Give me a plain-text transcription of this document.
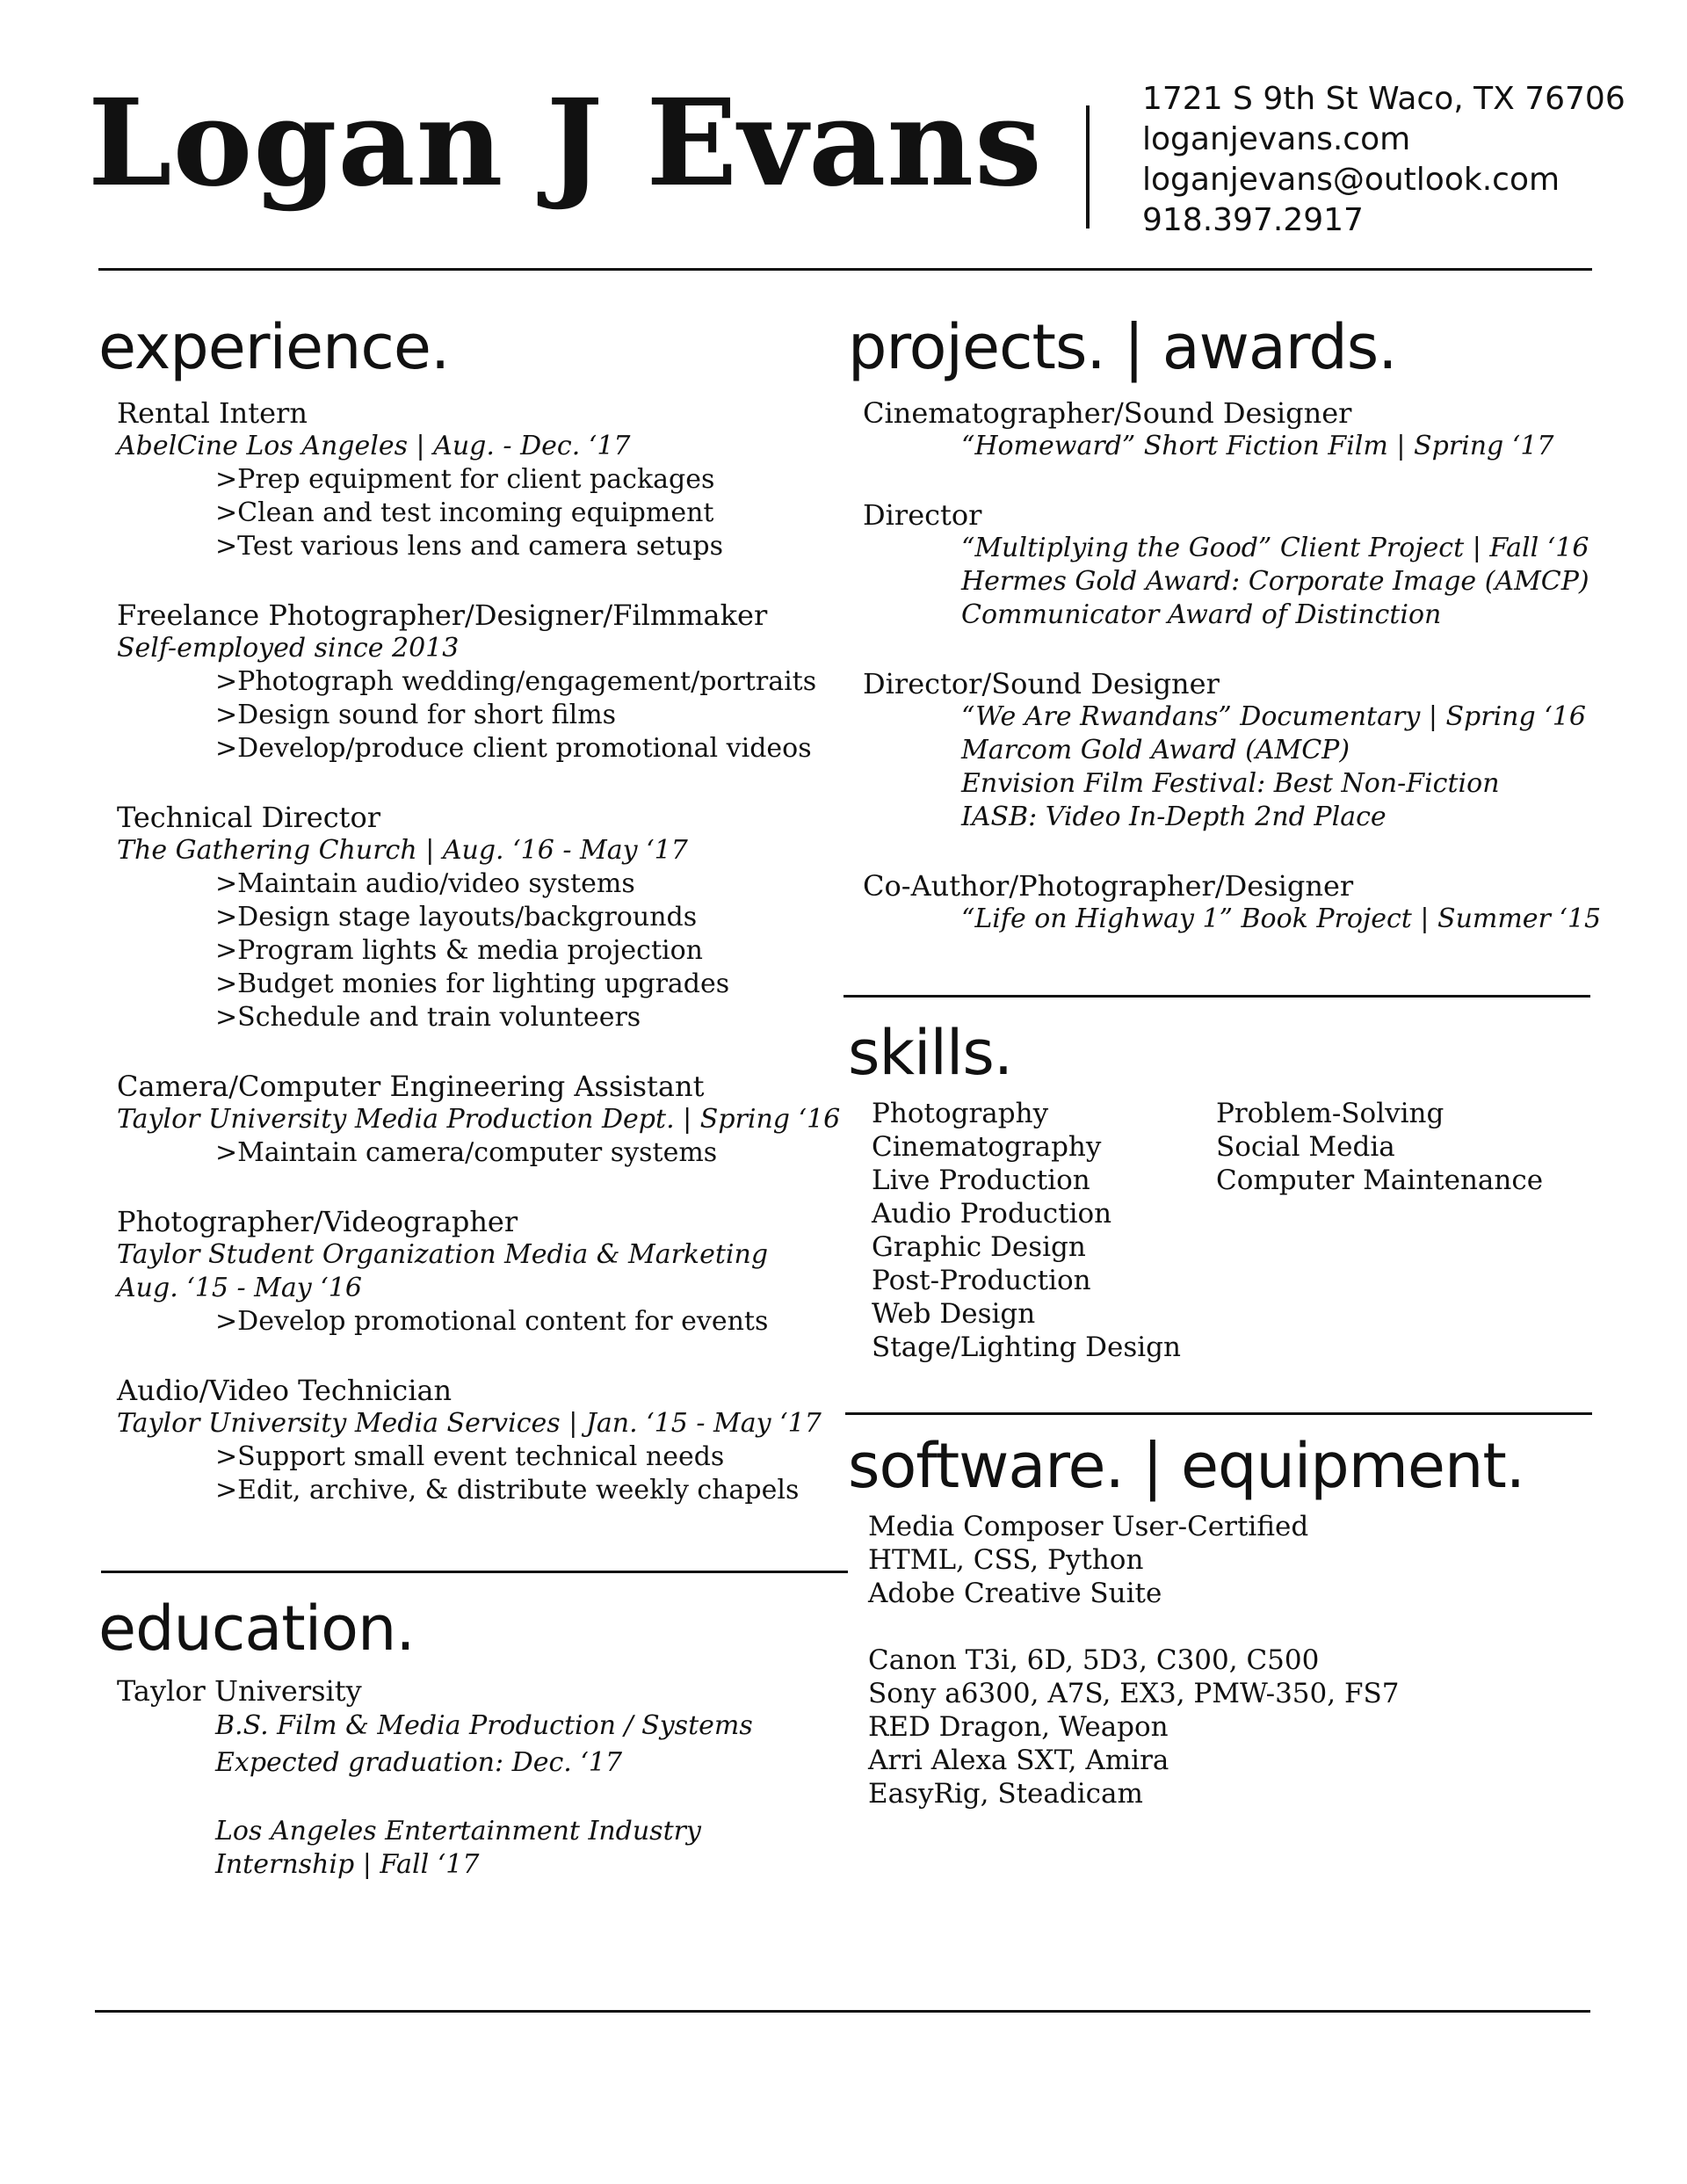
Logan J Evans	1721 S 9th St Waco, TX 76706
loganjevans.com
loganjevans@outlook.com
918.397.2917
experience.
Rental Intern
AbelCine Los Angeles | Aug. - Dec. ‘17
>Prep equipment for client packages
>Clean and test incoming equipment
>Test various lens and camera setups
Freelance Photographer/Designer/Filmmaker
Self-employed since 2013
>Photograph wedding/engagement/portraits
>Design sound for short films
>Develop/produce client promotional videos
Technical Director
The Gathering Church | Aug. ‘16 - May ‘17
>Maintain audio/video systems
>Design stage layouts/backgrounds
>Program lights & media projection
>Budget monies for lighting upgrades
>Schedule and train volunteers
Camera/Computer Engineering Assistant
Taylor University Media Production Dept. | Spring ‘16
>Maintain camera/computer systems
Photographer/Videographer
Taylor Student Organization Media & Marketing
Aug. ‘15 - May ‘16
>Develop promotional content for events
Audio/Video Technician
Taylor University Media Services | Jan. ‘15 - May ‘17
>Support small event technical needs
>Edit, archive, & distribute weekly chapels
education.
Taylor University
B.S. Film & Media Production / Systems
Expected graduation: Dec. ‘17
Los Angeles Entertainment Industry
Internship | Fall ‘17
projects. | awards.
Cinematographer/Sound Designer
“Homeward” Short Fiction Film | Spring ‘17
Director
“Multiplying the Good” Client Project | Fall ‘16
Hermes Gold Award: Corporate Image (AMCP)
Communicator Award of Distinction
Director/Sound Designer
“We Are Rwandans” Documentary | Spring ‘16
Marcom Gold Award (AMCP)
Envision Film Festival: Best Non-Fiction
IASB: Video In-Depth 2nd Place
Co-Author/Photographer/Designer
“Life on Highway 1” Book Project | Summer ‘15
skills.
Photography
Cinematography
Live Production
Audio Production
Graphic Design
Post-Production
Web Design
Stage/Lighting Design
Problem-Solving
Social Media
Computer Maintenance
software. | equipment.
Media Composer User-Certified
HTML, CSS, Python
Adobe Creative Suite
Canon T3i, 6D, 5D3, C300, C500
Sony a6300, A7S, EX3, PMW-350, FS7
RED Dragon, Weapon
Arri Alexa SXT, Amira
EasyRig, Steadicam
